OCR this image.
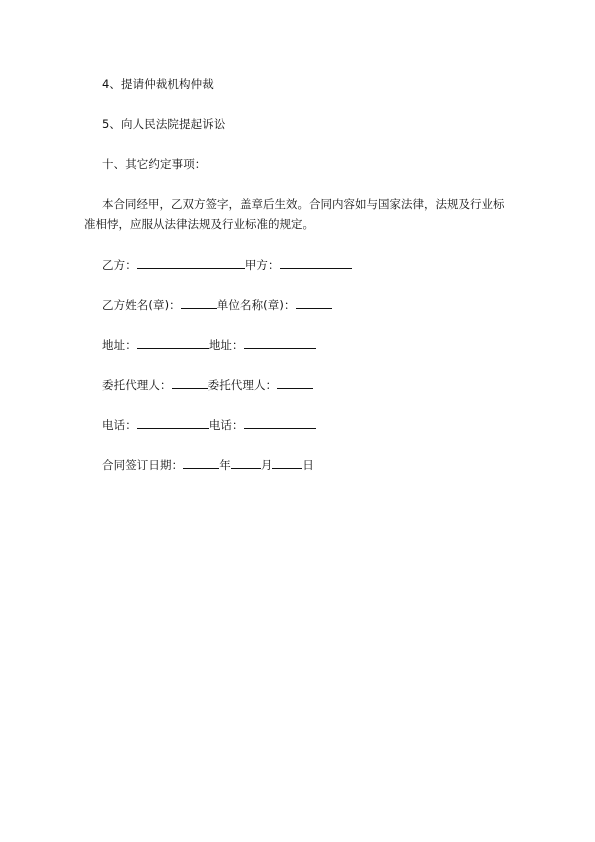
4、提请仲裁机构仲裁
5、向人民法院提起诉讼
十、其它约定事项：
本合同经甲，乙双方签字，盖章后生效。合同内容如与国家法律，法规及行业标
准相悖，应服从法律法规及行业标准的规定。
乙方：	甲方：
乙方姓名(章)：	单位名称(章)：
地址：	地址：
委托代理人：	委托代理人：
电话：	电话：
合同签订日期：	年	月	日
